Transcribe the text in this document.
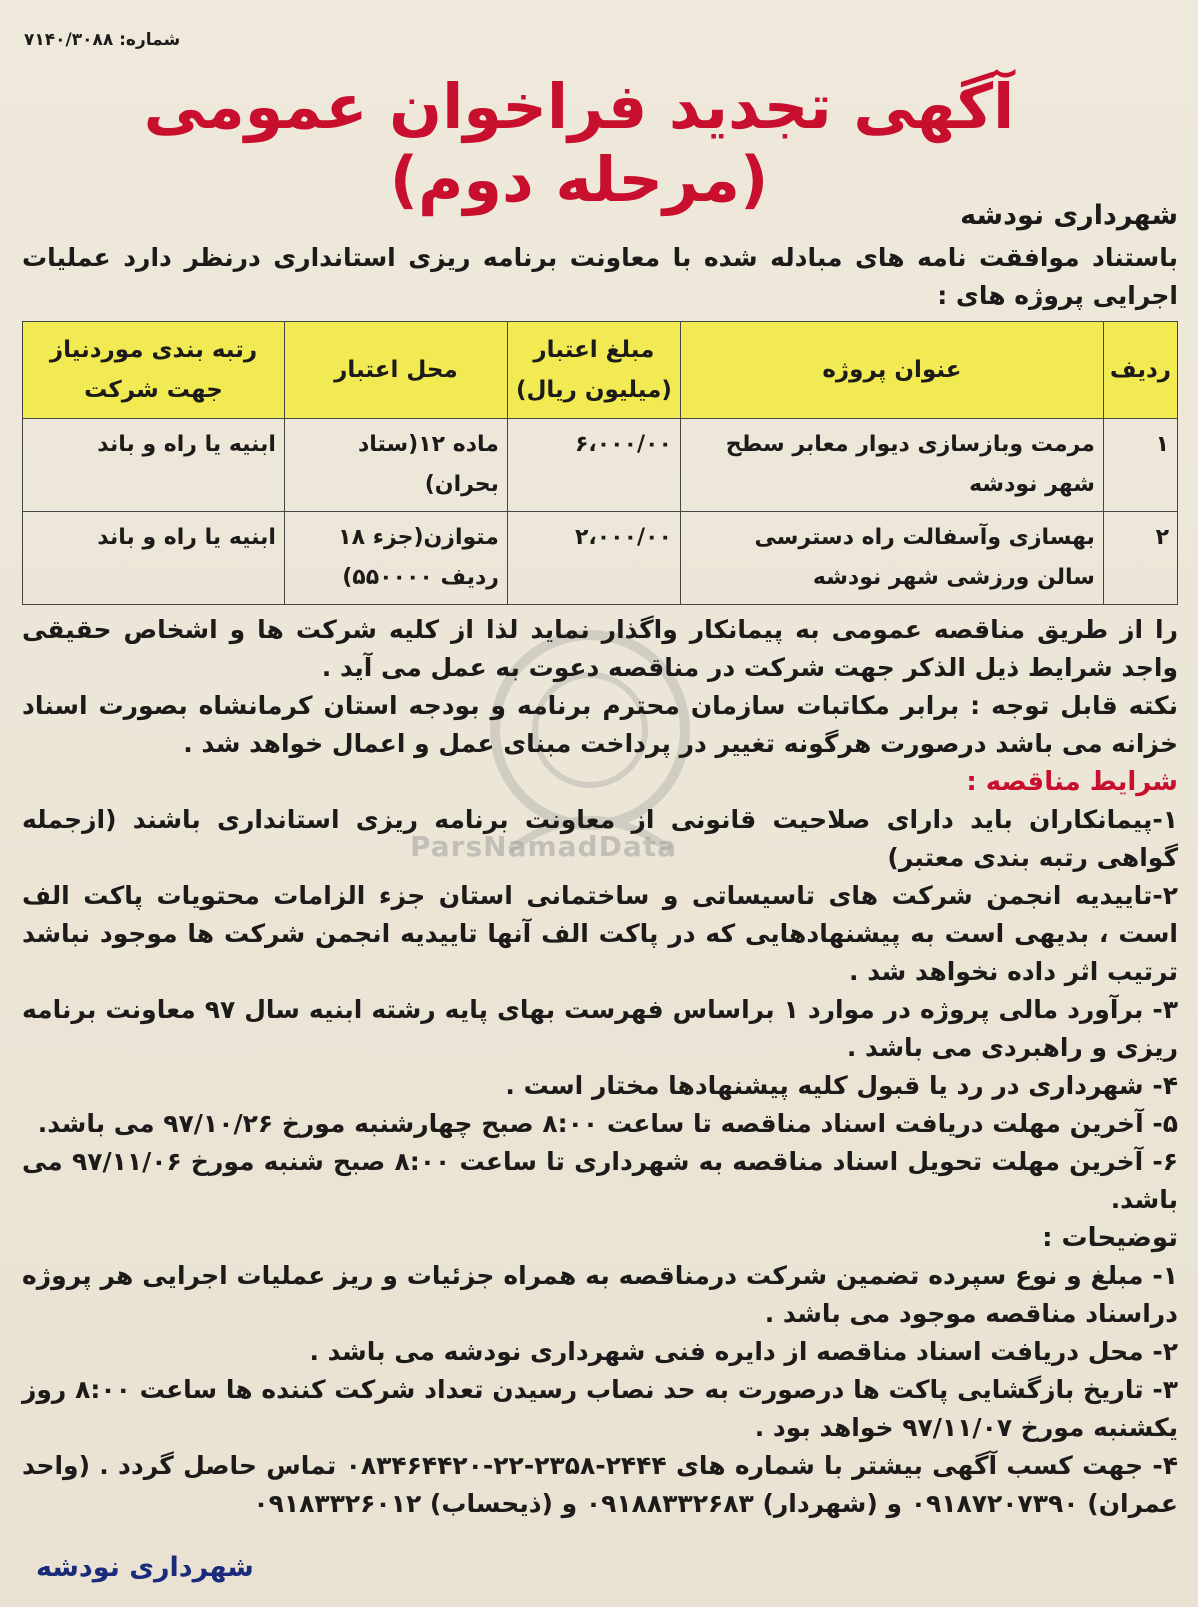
شماره: ۷۱۴۰/۳۰۸۸
آگهی تجدید فراخوان عمومی (مرحله دوم)
ParsNamadData
شهرداری نودشه

باستناد موافقت نامه های مبادله شده با معاونت برنامه ریزی استانداری درنظر دارد عملیات اجرایی پروژه های :

ردیف	عنوان پروژه	مبلغ اعتبار (میلیون ریال)	محل اعتبار	رتبه بندی موردنیاز جهت شرکت
۱	مرمت وبازسازی دیوار معابر سطح شهر نودشه	۶،۰۰۰/۰۰	ماده ۱۲(ستاد بحران)	ابنیه یا راه و باند
۲	بهسازی وآسفالت راه دسترسی سالن ورزشی شهر نودشه	۲،۰۰۰/۰۰	متوازن(جزء ۱۸ ردیف ۵۵۰۰۰۰)	ابنیه یا راه و باند

را از طریق مناقصه عمومی به پیمانکار واگذار نماید لذا از کلیه شرکت ها و اشخاص حقیقی واجد شرایط ذیل الذکر جهت شرکت در مناقصه دعوت به عمل می آید .

نکته قابل توجه : برابر مکاتبات سازمان محترم برنامه و بودجه استان کرمانشاه بصورت اسناد خزانه می باشد درصورت هرگونه تغییر در پرداخت مبنای عمل و اعمال خواهد شد .

شرایط مناقصه :

۱-پیمانکاران باید دارای صلاحیت قانونی از معاونت برنامه ریزی استانداری باشند (ازجمله گواهی رتبه بندی معتبر)

۲-تاییدیه انجمن شرکت های تاسیساتی و ساختمانی استان جزء الزامات محتویات پاکت الف است ، بدیهی است به پیشنهادهایی که در پاکت الف آنها تاییدیه انجمن شرکت ها موجود نباشد ترتیب اثر داده نخواهد شد .

۳- برآورد مالی پروژه در موارد ۱ براساس فهرست بهای پایه رشته ابنیه سال ۹۷ معاونت برنامه ریزی و راهبردی می باشد .

۴- شهرداری در رد یا قبول کلیه پیشنهادها مختار است .

۵- آخرین مهلت دریافت اسناد مناقصه تا ساعت ۸:۰۰ صبح چهارشنبه مورخ ۹۷/۱۰/۲۶ می باشد.

۶- آخرین مهلت تحویل اسناد مناقصه به شهرداری تا ساعت ۸:۰۰ صبح شنبه مورخ ۹۷/۱۱/۰۶ می باشد.

توضیحات :

۱- مبلغ و نوع سپرده تضمین شرکت درمناقصه به همراه جزئیات و ریز عملیات اجرایی هر پروژه دراسناد مناقصه موجود می باشد .

۲- محل دریافت اسناد مناقصه از دایره فنی شهرداری نودشه می باشد .

۳- تاریخ بازگشایی پاکت ها درصورت به حد نصاب رسیدن تعداد شرکت کننده ها ساعت ۸:۰۰ روز یکشنبه مورخ ۹۷/۱۱/۰۷ خواهد بود .

۴- جهت کسب آگهی بیشتر با شماره های ۲۴۴۴-۲۳۵۸-۲۲-۰۸۳۴۶۴۴۲۰ تماس حاصل گردد . (واحد عمران) ۰۹۱۸۷۲۰۷۳۹۰ و (شهردار) ۰۹۱۸۸۳۳۲۶۸۳ و (ذیحساب) ۰۹۱۸۳۳۲۶۰۱۲

شهرداری نودشه
